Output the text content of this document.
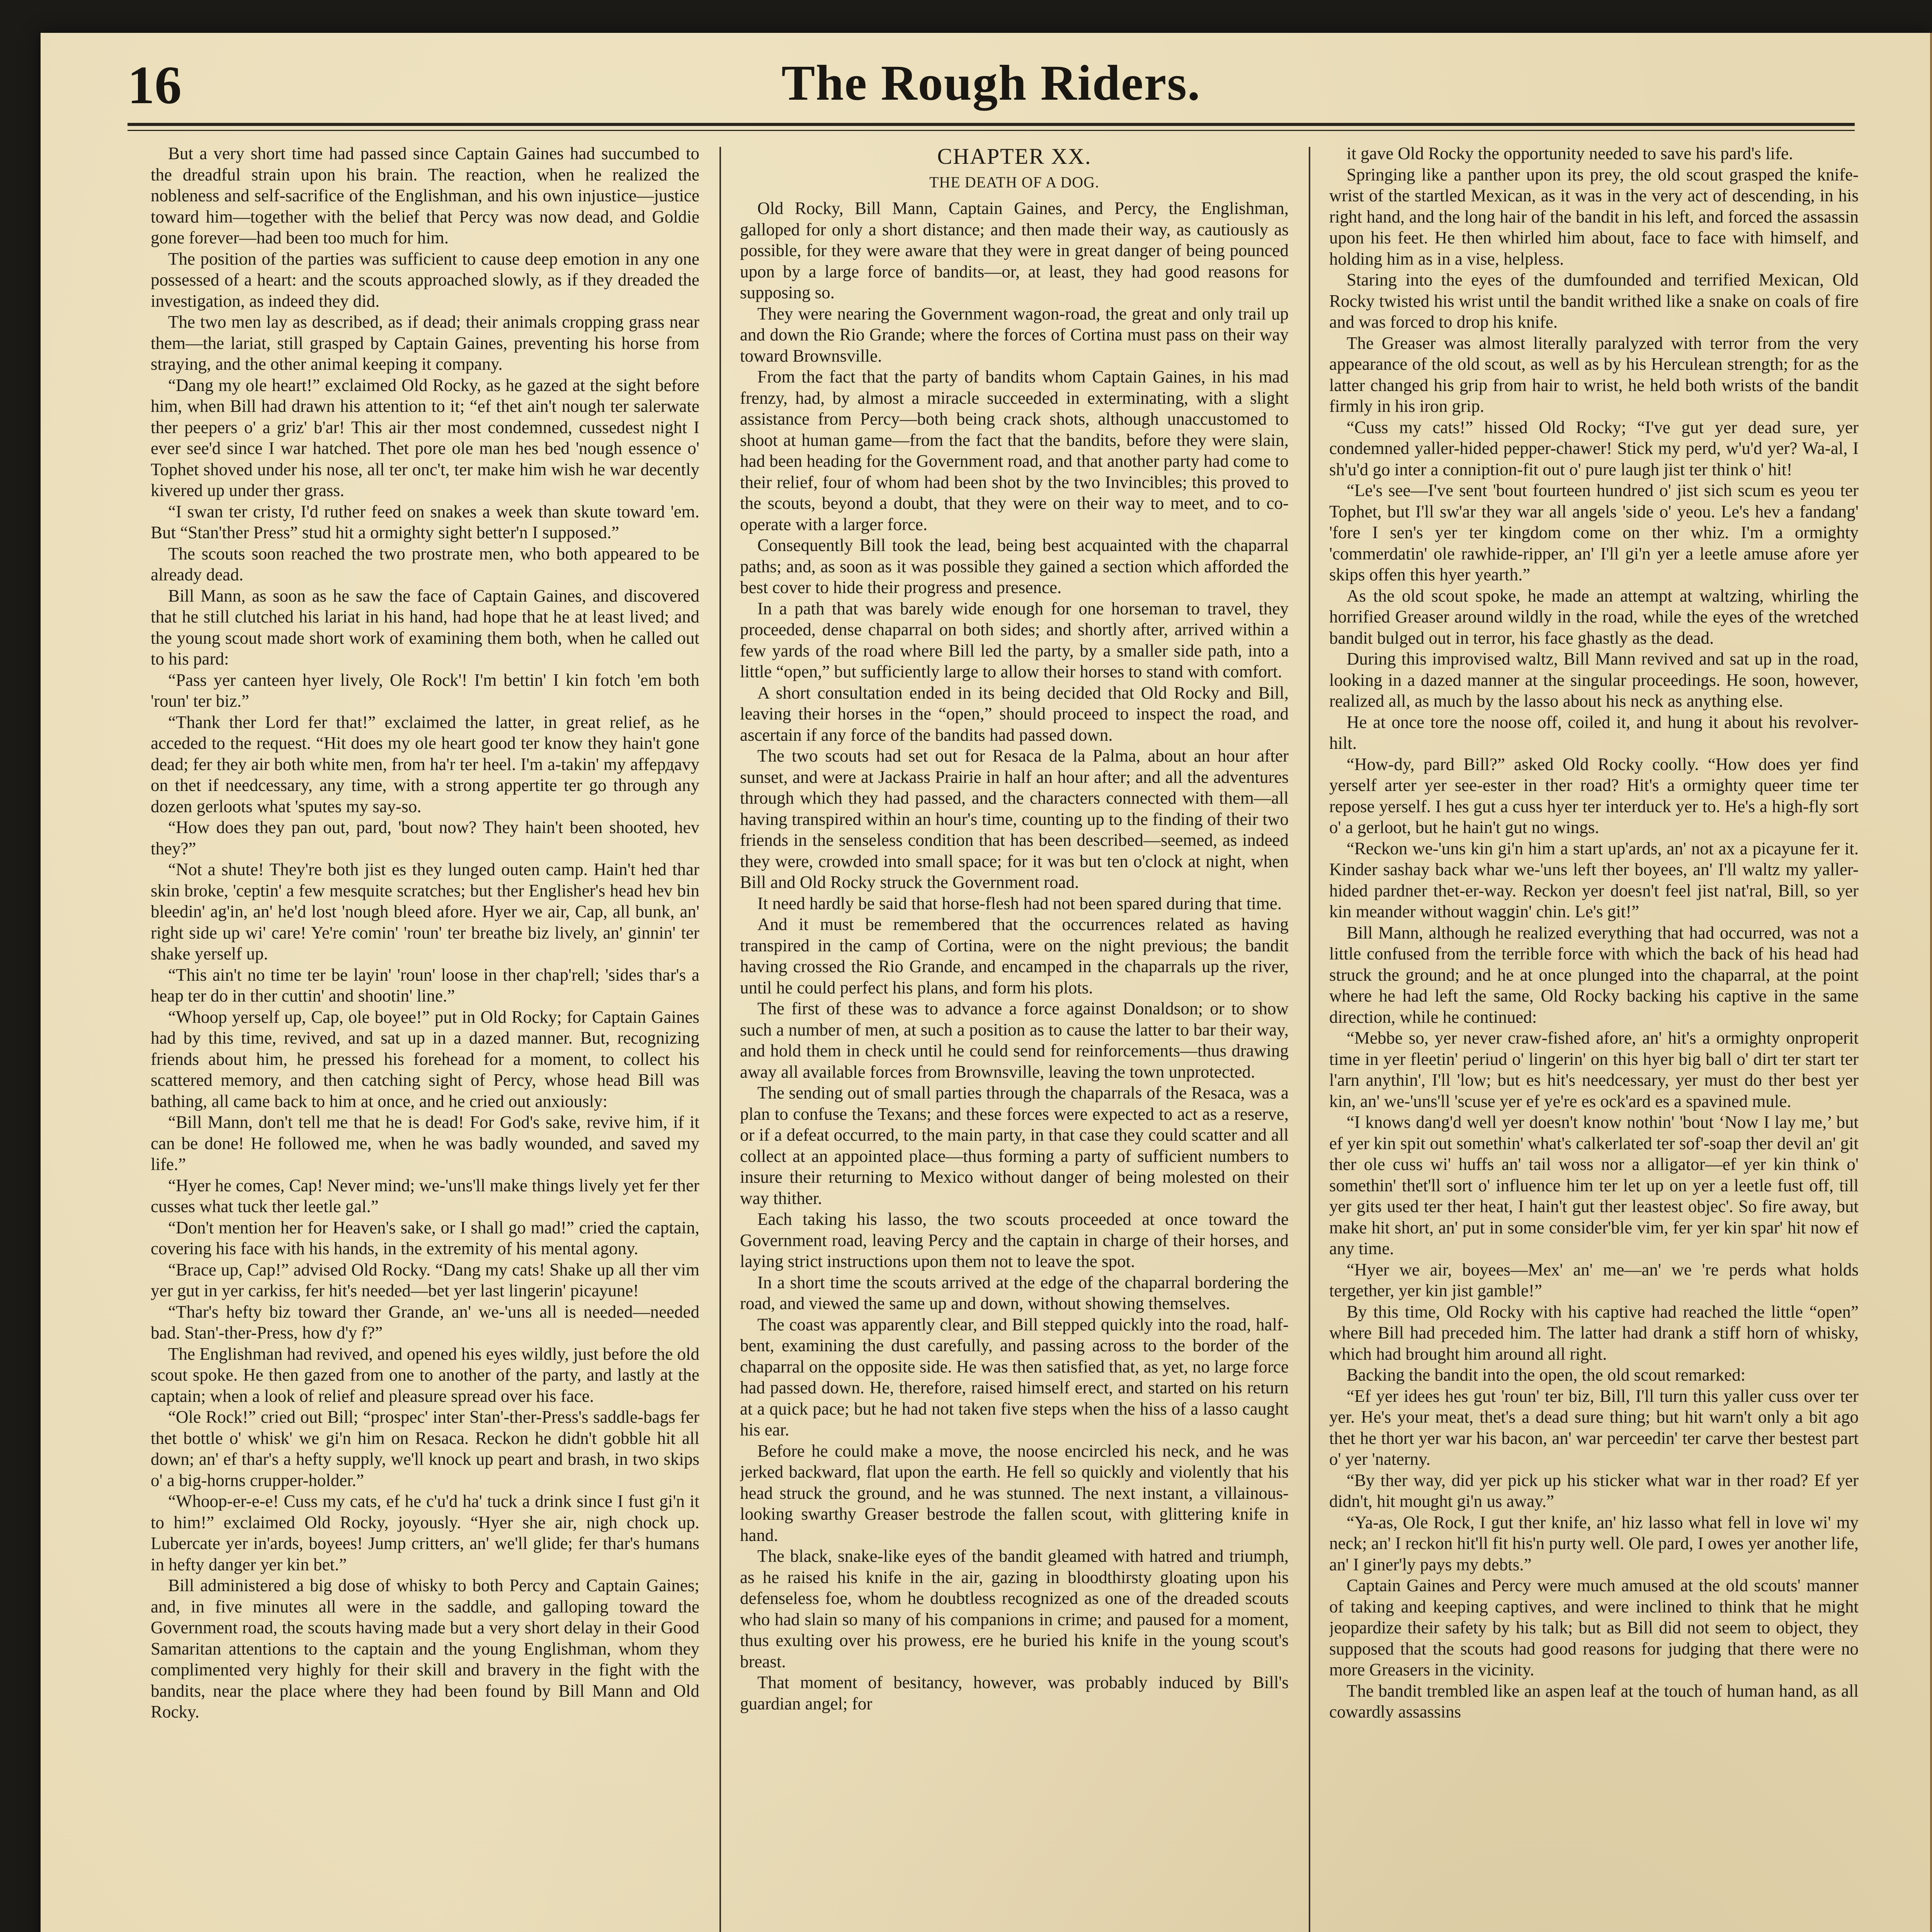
16	The Rough Riders.

But a very short time had passed since Captain Gaines had succumbed to the dreadful strain upon his brain. The reaction, when he realized the nobleness and self-sacrifice of the Englishman, and his own injustice—justice toward him—together with the belief that Percy was now dead, and Goldie gone forever—had been too much for him.

The position of the parties was sufficient to cause deep emotion in any one possessed of a heart: and the scouts approached slowly, as if they dreaded the investigation, as indeed they did.

The two men lay as described, as if dead; their animals cropping grass near them—the lariat, still grasped by Captain Gaines, preventing his horse from straying, and the other animal keeping it company.

“Dang my ole heart!” exclaimed Old Rocky, as he gazed at the sight before him, when Bill had drawn his attention to it; “ef thet ain't nough ter salerwate ther peepers o' a griz' b'ar! This air ther most condemned, cussedest night I ever see'd since I war hatched. Thet pore ole man hes bed 'nough essence o' Tophet shoved under his nose, all ter onc't, ter make him wish he war decently kivered up under ther grass.

“I swan ter cristy, I'd ruther feed on snakes a week than skute toward 'em. But “Stan'ther Press” stud hit a ormighty sight better'n I supposed.”

The scouts soon reached the two prostrate men, who both appeared to be already dead.

Bill Mann, as soon as he saw the face of Captain Gaines, and discovered that he still clutched his lariat in his hand, had hope that he at least lived; and the young scout made short work of examining them both, when he called out to his pard:

“Pass yer canteen hyer lively, Ole Rock'! I'm bettin' I kin fotch 'em both 'roun' ter biz.”

“Thank ther Lord fer that!” exclaimed the latter, in great relief, as he acceded to the request. “Hit does my ole heart good ter know they hain't gone dead; fer they air both white men, from ha'r ter heel. I'm a-takin' my affердavy on thet if needcessary, any time, with a strong appertite ter go through any dozen gerloots what 'sputes my say-so.

“How does they pan out, pard, 'bout now? They hain't been shooted, hev they?”

“Not a shute! They're both jist es they lunged outen camp. Hain't hed thar skin broke, 'ceptin' a few mesquite scratches; but ther Englisher's head hev bin bleedin' ag'in, an' he'd lost 'nough bleed afore. Hyer we air, Cap, all bunk, an' right side up wi' care! Ye're comin' 'roun' ter breathe biz lively, an' ginnin' ter shake yerself up.

“This ain't no time ter be layin' 'roun' loose in ther chap'rell; 'sides thar's a heap ter do in ther cuttin' and shootin' line.”

“Whoop yerself up, Cap, ole boyee!” put in Old Rocky; for Captain Gaines had by this time, revived, and sat up in a dazed manner. But, recognizing friends about him, he pressed his forehead for a moment, to collect his scattered memory, and then catching sight of Percy, whose head Bill was bathing, all came back to him at once, and he cried out anxiously:

“Bill Mann, don't tell me that he is dead! For God's sake, revive him, if it can be done! He followed me, when he was badly wounded, and saved my life.”

“Hyer he comes, Cap! Never mind; we-'uns'll make things lively yet fer ther cusses what tuck ther leetle gal.”

“Don't mention her for Heaven's sake, or I shall go mad!” cried the captain, covering his face with his hands, in the extremity of his mental agony.

“Brace up, Cap!” advised Old Rocky. “Dang my cats! Shake up all ther vim yer gut in yer carkiss, fer hit's needed—bet yer last lingerin' picayune!

“Thar's hefty biz toward ther Grande, an' we-'uns all is needed—needed bad. Stan'-ther-Press, how d'y f?”

The Englishman had revived, and opened his eyes wildly, just before the old scout spoke. He then gazed from one to another of the party, and lastly at the captain; when a look of relief and pleasure spread over his face.

“Ole Rock!” cried out Bill; “prospec' inter Stan'-ther-Press's saddle-bags fer thet bottle o' whisk' we gi'n him on Resaca. Reckon he didn't gobble hit all down; an' ef thar's a hefty supply, we'll knock up peart and brash, in two skips o' a big-horns crupper-holder.”

“Whoop-er-e-e! Cuss my cats, ef he c'u'd ha' tuck a drink since I fust gi'n it to him!” exclaimed Old Rocky, joyously. “Hyer she air, nigh chock up. Lubercate yer in'ards, boyees! Jump critters, an' we'll glide; fer thar's humans in hefty danger yer kin bet.”

Bill administered a big dose of whisky to both Percy and Captain Gaines; and, in five minutes all were in the saddle, and galloping toward the Government road, the scouts having made but a very short delay in their Good Samaritan attentions to the captain and the young Englishman, whom they complimented very highly for their skill and bravery in the fight with the bandits, near the place where they had been found by Bill Mann and Old Rocky.

CHAPTER XX.
THE DEATH OF A DOG.

Old Rocky, Bill Mann, Captain Gaines, and Percy, the Englishman, galloped for only a short distance; and then made their way, as cautiously as possible, for they were aware that they were in great danger of being pounced upon by a large force of bandits—or, at least, they had good reasons for supposing so.

They were nearing the Government wagon-road, the great and only trail up and down the Rio Grande; where the forces of Cortina must pass on their way toward Brownsville.

From the fact that the party of bandits whom Captain Gaines, in his mad frenzy, had, by almost a miracle succeeded in exterminating, with a slight assistance from Percy—both being crack shots, although unaccustomed to shoot at human game—from the fact that the bandits, before they were slain, had been heading for the Government road, and that another party had come to their relief, four of whom had been shot by the two Invincibles; this proved to the scouts, beyond a doubt, that they were on their way to meet, and to co-operate with a larger force.

Consequently Bill took the lead, being best acquainted with the chaparral paths; and, as soon as it was possible they gained a section which afforded the best cover to hide their progress and presence.

In a path that was barely wide enough for one horseman to travel, they proceeded, dense chaparral on both sides; and shortly after, arrived within a few yards of the road where Bill led the party, by a smaller side path, into a little “open,” but sufficiently large to allow their horses to stand with comfort.

A short consultation ended in its being decided that Old Rocky and Bill, leaving their horses in the “open,” should proceed to inspect the road, and ascertain if any force of the bandits had passed down.

The two scouts had set out for Resaca de la Palma, about an hour after sunset, and were at Jackass Prairie in half an hour after; and all the adventures through which they had passed, and the characters connected with them—all having transpired within an hour's time, counting up to the finding of their two friends in the senseless condition that has been described—seemed, as indeed they were, crowded into small space; for it was but ten o'clock at night, when Bill and Old Rocky struck the Government road.

It need hardly be said that horse-flesh had not been spared during that time.

And it must be remembered that the occurrences related as having transpired in the camp of Cortina, were on the night previous; the bandit having crossed the Rio Grande, and encamped in the chaparrals up the river, until he could perfect his plans, and form his plots.

The first of these was to advance a force against Donaldson; or to show such a number of men, at such a position as to cause the latter to bar their way, and hold them in check until he could send for reinforcements—thus drawing away all available forces from Brownsville, leaving the town unprotected.

The sending out of small parties through the chaparrals of the Resaca, was a plan to confuse the Texans; and these forces were expected to act as a reserve, or if a defeat occurred, to the main party, in that case they could scatter and all collect at an appointed place—thus forming a party of sufficient numbers to insure their returning to Mexico without danger of being molested on their way thither.

Each taking his lasso, the two scouts proceeded at once toward the Government road, leaving Percy and the captain in charge of their horses, and laying strict instructions upon them not to leave the spot.

In a short time the scouts arrived at the edge of the chaparral bordering the road, and viewed the same up and down, without showing themselves.

The coast was apparently clear, and Bill stepped quickly into the road, half-bent, examining the dust carefully, and passing across to the border of the chaparral on the opposite side. He was then satisfied that, as yet, no large force had passed down. He, therefore, raised himself erect, and started on his return at a quick pace; but he had not taken five steps when the hiss of a lasso caught his ear.

Before he could make a move, the noose encircled his neck, and he was jerked backward, flat upon the earth. He fell so quickly and violently that his head struck the ground, and he was stunned. The next instant, a villainous-looking swarthy Greaser bestrode the fallen scout, with glittering knife in hand.

The black, snake-like eyes of the bandit gleamed with hatred and triumph, as he raised his knife in the air, gazing in bloodthirsty gloating upon his defenseless foe, whom he doubtless recognized as one of the dreaded scouts who had slain so many of his companions in crime; and paused for a moment, thus exulting over his prowess, ere he buried his knife in the young scout's breast.

That moment of besitancy, however, was probably induced by Bill's guardian angel; for

it gave Old Rocky the opportunity needed to save his pard's life.

Springing like a panther upon its prey, the old scout grasped the knife-wrist of the startled Mexican, as it was in the very act of descending, in his right hand, and the long hair of the bandit in his left, and forced the assassin upon his feet. He then whirled him about, face to face with himself, and holding him as in a vise, helpless.

Staring into the eyes of the dumfounded and terrified Mexican, Old Rocky twisted his wrist until the bandit writhed like a snake on coals of fire and was forced to drop his knife.

The Greaser was almost literally paralyzed with terror from the very appearance of the old scout, as well as by his Herculean strength; for as the latter changed his grip from hair to wrist, he held both wrists of the bandit firmly in his iron grip.

“Cuss my cats!” hissed Old Rocky; “I've gut yer dead sure, yer condemned yaller-hided pepper-chawer! Stick my perd, w'u'd yer? Wa-al, I sh'u'd go inter a conniption-fit out o' pure laugh jist ter think o' hit!

“Le's see—I've sent 'bout fourteen hundred o' jist sich scum es yeou ter Tophet, but I'll sw'ar they war all angels 'side o' yeou. Le's hev a fandang' 'fore I sen's yer ter kingdom come on ther whiz. I'm a ormighty 'commerdatin' ole rawhide-ripper, an' I'll gi'n yer a leetle amuse afore yer skips offen this hyer yearth.”

As the old scout spoke, he made an attempt at waltzing, whirling the horrified Greaser around wildly in the road, while the eyes of the wretched bandit bulged out in terror, his face ghastly as the dead.

During this improvised waltz, Bill Mann revived and sat up in the road, looking in a dazed manner at the singular proceedings. He soon, however, realized all, as much by the lasso about his neck as anything else.

He at once tore the noose off, coiled it, and hung it about his revolver-hilt.

“How-dy, pard Bill?” asked Old Rocky coolly. “How does yer find yerself arter yer see-ester in ther road? Hit's a ormighty queer time ter repose yerself. I hes gut a cuss hyer ter interduck yer to. He's a high-fly sort o' a gerloot, but he hain't gut no wings.

“Reckon we-'uns kin gi'n him a start up'ards, an' not ax a picayune fer it. Kinder sashay back whar we-'uns left ther boyees, an' I'll waltz my yaller-hided pardner thet-er-way. Reckon yer doesn't feel jist nat'ral, Bill, so yer kin meander without waggin' chin. Le's git!”

Bill Mann, although he realized everything that had occurred, was not a little confused from the terrible force with which the back of his head had struck the ground; and he at once plunged into the chaparral, at the point where he had left the same, Old Rocky backing his captive in the same direction, while he continued:

“Mebbe so, yer never craw-fished afore, an' hit's a ormighty onproperit time in yer fleetin' periud o' lingerin' on this hyer big ball o' dirt ter start ter l'arn anythin', I'll 'low; but es hit's needcessary, yer must do ther best yer kin, an' we-'uns'll 'scuse yer ef ye're es ock'ard es a spavined mule.

“I knows dang'd well yer doesn't know nothin' 'bout ‘Now I lay me,’ but ef yer kin spit out somethin' what's calkerlated ter sof'-soap ther devil an' git ther ole cuss wi' huffs an' tail woss nor a alligator—ef yer kin think o' somethin' thet'll sort o' influence him ter let up on yer a leetle fust off, till yer gits used ter ther heat, I hain't gut ther leastest objec'. So fire away, but make hit short, an' put in some consider'ble vim, fer yer kin spar' hit now ef any time.

“Hyer we air, boyees—Mex' an' me—an' we 're perds what holds tergether, yer kin jist gamble!”

By this time, Old Rocky with his captive had reached the little “open” where Bill had preceded him. The latter had drank a stiff horn of whisky, which had brought him around all right.

Backing the bandit into the open, the old scout remarked:

“Ef yer idees hes gut 'roun' ter biz, Bill, I'll turn this yaller cuss over ter yer. He's your meat, thet's a dead sure thing; but hit warn't only a bit ago thet he thort yer war his bacon, an' war perceedin' ter carve ther bestest part o' yer 'naterny.

“By ther way, did yer pick up his sticker what war in ther road? Ef yer didn't, hit mought gi'n us away.”

“Ya-as, Ole Rock, I gut ther knife, an' hiz lasso what fell in love wi' my neck; an' I reckon hit'll fit his'n purty well. Ole pard, I owes yer another life, an' I giner'ly pays my debts.”

Captain Gaines and Percy were much amused at the old scouts' manner of taking and keeping captives, and were inclined to think that he might jeopardize their safety by his talk; but as Bill did not seem to object, they supposed that the scouts had good reasons for judging that there were no more Greasers in the vicinity.

The bandit trembled like an aspen leaf at the touch of human hand, as all cowardly assassins
